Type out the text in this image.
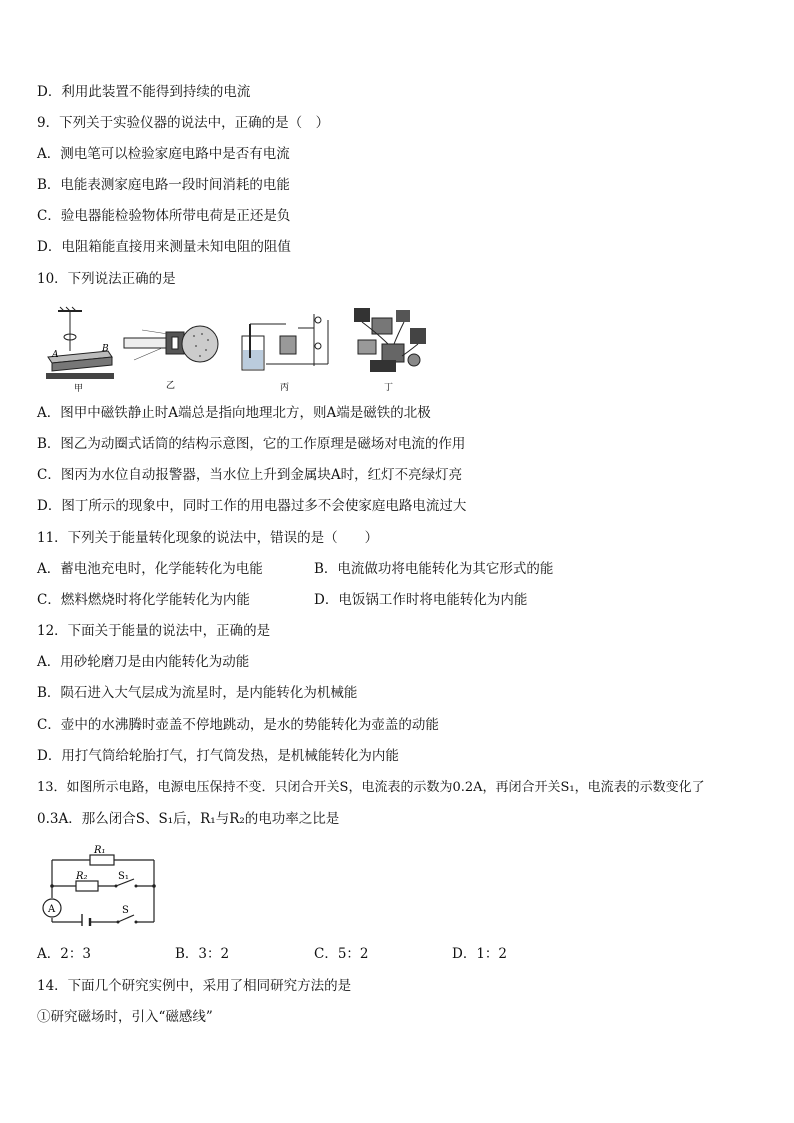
D．利用此装置不能得到持续的电流
9．下列关于实验仪器的说法中，正确的是（　）
A．测电笔可以检验家庭电路中是否有电流
B．电能表测家庭电路一段时间消耗的电能
C．验电器能检验物体所带电荷是正还是负
D．电阻箱能直接用来测量未知电阻的阻值
10．下列说法正确的是
A
B
甲	乙	丙	丁
A．图甲中磁铁静止时A端总是指向地理北方，则A端是磁铁的北极
B．图乙为动圈式话筒的结构示意图，它的工作原理是磁场对电流的作用
C．图丙为水位自动报警器，当水位上升到金属块A时，红灯不亮绿灯亮
D．图丁所示的现象中，同时工作的用电器过多不会使家庭电路电流过大
11．下列关于能量转化现象的说法中，错误的是（　　）
A．蓄电池充电时，化学能转化为电能	B．电流做功将电能转化为其它形式的能
C．燃料燃烧时将化学能转化为内能	D．电饭锅工作时将电能转化为内能
12．下面关于能量的说法中，正确的是
A．用砂轮磨刀是由内能转化为动能
B．陨石进入大气层成为流星时，是内能转化为机械能
C．壶中的水沸腾时壶盖不停地跳动，是水的势能转化为壶盖的动能
D．用打气筒给轮胎打气，打气筒发热，是机械能转化为内能
13．如图所示电路，电源电压保持不变．只闭合开关S，电流表的示数为0.2A，再闭合开关S₁，电流表的示数变化了
0.3A．那么闭合S、S₁后，R₁与R₂的电功率之比是
A
R₁
R₂	S₁
S
A．2：3	B．3：2	C．5：2	D．1：2
14．下面几个研究实例中，采用了相同研究方法的是
①研究磁场时，引入“磁感线”
